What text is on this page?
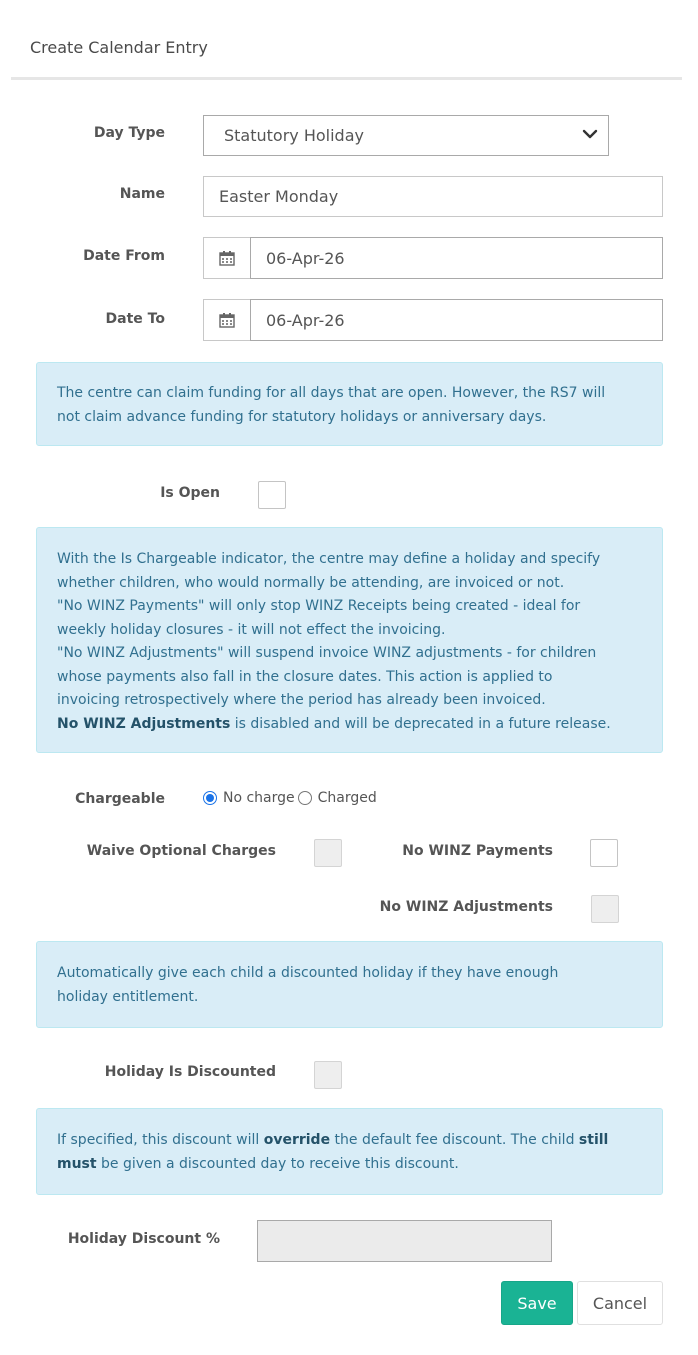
Create Calendar Entry
Day Type	Statutory Holiday
Name	Easter Monday
Date From	06-Apr-26
Date To	06-Apr-26

The centre can claim funding for all days that are open. However, the RS7 will

not claim advance funding for statutory holidays or anniversary days.

Is Open

With the Is Chargeable indicator, the centre may define a holiday and specify

whether children, who would normally be attending, are invoiced or not.

"No WINZ Payments" will only stop WINZ Receipts being created - ideal for

weekly holiday closures - it will not effect the invoicing.

"No WINZ Adjustments" will suspend invoice WINZ adjustments - for children

whose payments also fall in the closure dates. This action is applied to

invoicing retrospectively where the period has already been invoiced.

No WINZ Adjustments is disabled and will be deprecated in a future release.

Chargeable	No charge Charged
Waive Optional Charges	No WINZ Payments
No WINZ Adjustments

Automatically give each child a discounted holiday if they have enough

holiday entitlement.

Holiday Is Discounted

If specified, this discount will override the default fee discount. The child still

must be given a discounted day to receive this discount.

Holiday Discount %
Save	Cancel
